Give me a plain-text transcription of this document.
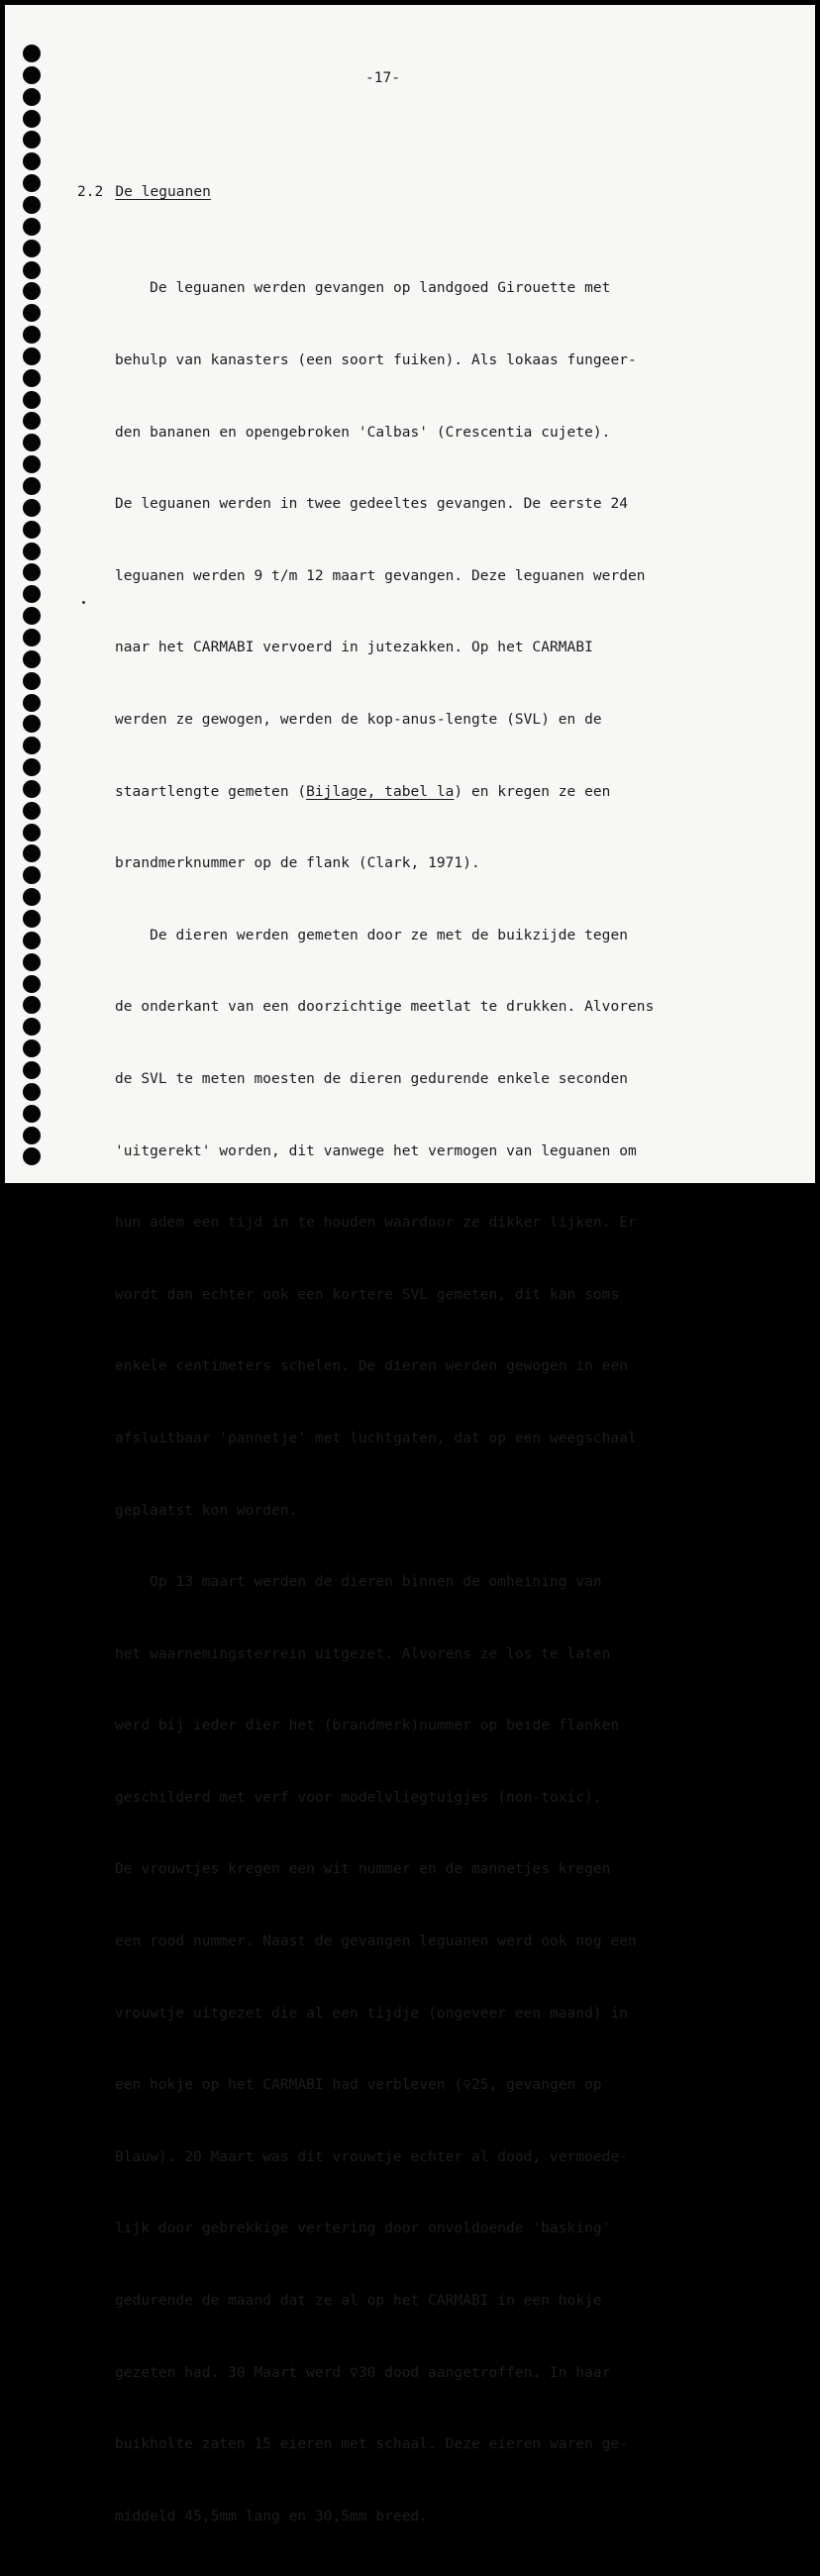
-17-
2.2 De leguanen

De leguanen werden gevangen op landgoed Girouette met

behulp van kanasters (een soort fuiken). Als lokaas fungeer-

den bananen en opengebroken 'Calbas' (Crescentia cujete).

De leguanen werden in twee gedeeltes gevangen. De eerste 24

leguanen werden 9 t/m 12 maart gevangen. Deze leguanen werden

naar het CARMABI vervoerd in jutezakken. Op het CARMABI

werden ze gewogen, werden de kop-anus-lengte (SVL) en de

staartlengte gemeten (Bijlage, tabel la) en kregen ze een

brandmerknummer op de flank (Clark, 1971).

De dieren werden gemeten door ze met de buikzijde tegen

de onderkant van een doorzichtige meetlat te drukken. Alvorens

de SVL te meten moesten de dieren gedurende enkele seconden

'uitgerekt' worden, dit vanwege het vermogen van leguanen om

hun adem een tijd in te houden waardoor ze dikker lijken. Er

wordt dan echter ook een kortere SVL gemeten, dit kan soms

enkele centimeters schelen. De dieren werden gewogen in een

afsluitbaar 'pannetje' met luchtgaten, dat op een weegschaal

geplaatst kon worden.

Op 13 maart werden de dieren binnen de omheining van

het waarnemingsterrein uitgezet. Alvorens ze los te laten

werd bij ieder dier het (brandmerk)nummer op beide flanken

geschilderd met verf voor modelvliegtuigjes (non-toxic).

De vrouwtjes kregen een wit nummer en de mannetjes kregen

een rood nummer. Naast de gevangen leguanen werd ook nog een

vrouwtje uitgezet die al een tijdje (ongeveer een maand) in

een hokje op het CARMABI had verbleven (♀25, gevangen op

Blauw). 20 Maart was dit vrouwtje echter al dood, vermoede-

lijk door gebrekkige vertering door onvoldoende 'basking'

gedurende de maand dat ze al op het CARMABI in een hokje

gezeten had. 30 Maart werd ♀30 dood aangetroffen. In haar

buikholte zaten 15 eieren met schaal. Deze eieren waren ge-

middeld 45,5mm lang en 30,5mm breed.
